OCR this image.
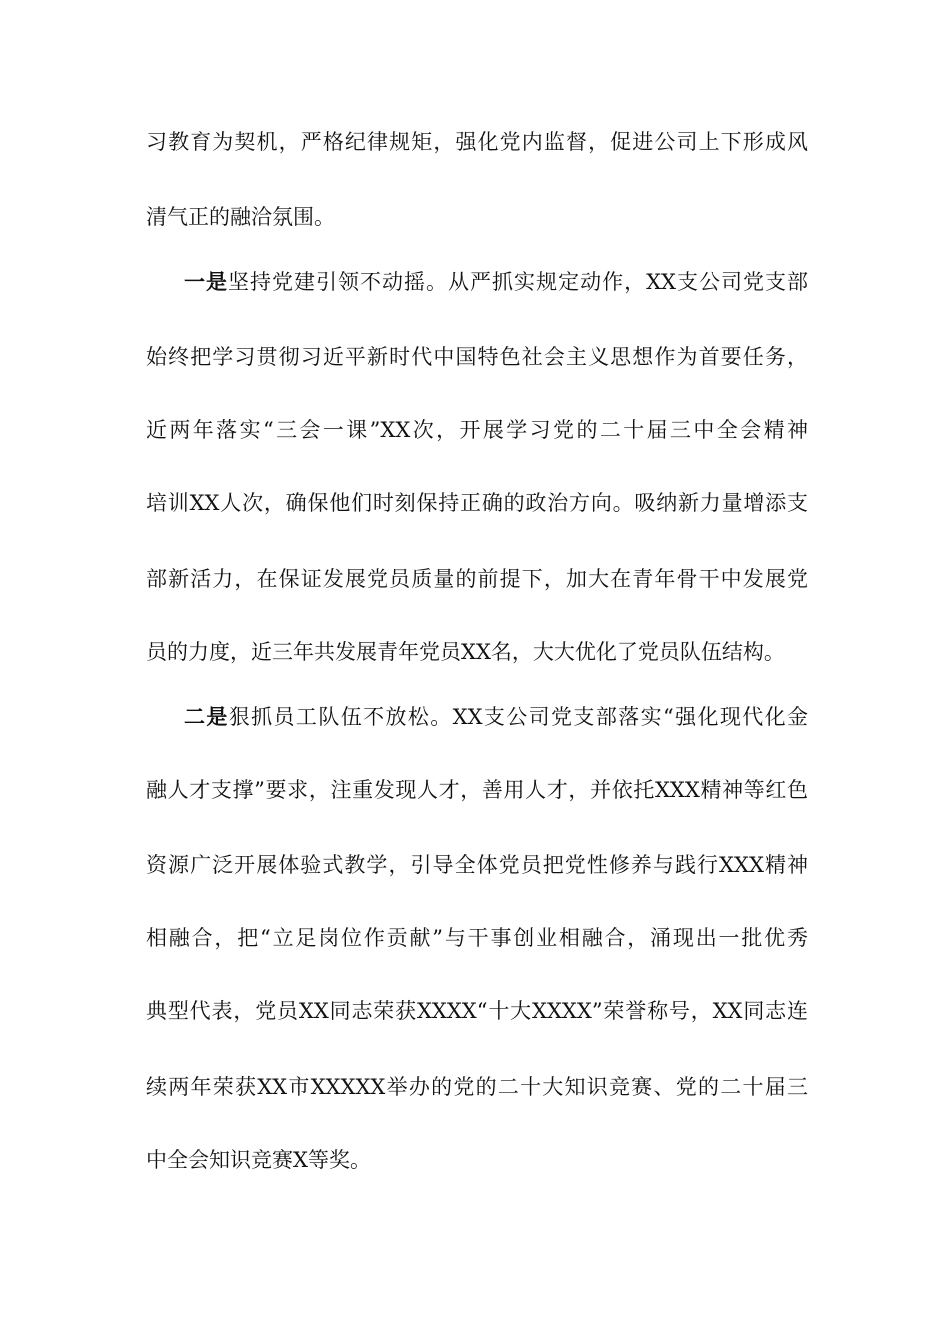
习教育为契机，严格纪律规矩，强化党内监督，促进公司上下形成风
清气正的融洽氛围。
一是坚持党建引领不动摇。从严抓实规定动作，XX支公司党支部
始终把学习贯彻习近平新时代中国特色社会主义思想作为首要任务，
近两年落实“三会一课”XX次，开展学习党的二十届三中全会精神
培训XX人次，确保他们时刻保持正确的政治方向。吸纳新力量增添支
部新活力，在保证发展党员质量的前提下，加大在青年骨干中发展党
员的力度，近三年共发展青年党员XX名，大大优化了党员队伍结构。
二是狠抓员工队伍不放松。XX支公司党支部落实“强化现代化金
融人才支撑”要求，注重发现人才，善用人才，并依托XXX精神等红色
资源广泛开展体验式教学，引导全体党员把党性修养与践行XXX精神
相融合，把“立足岗位作贡献”与干事创业相融合，涌现出一批优秀
典型代表，党员XX同志荣获XXXX“十大XXXX”荣誉称号，XX同志连
续两年荣获XX市XXXXX举办的党的二十大知识竞赛、党的二十届三
中全会知识竞赛X等奖。
